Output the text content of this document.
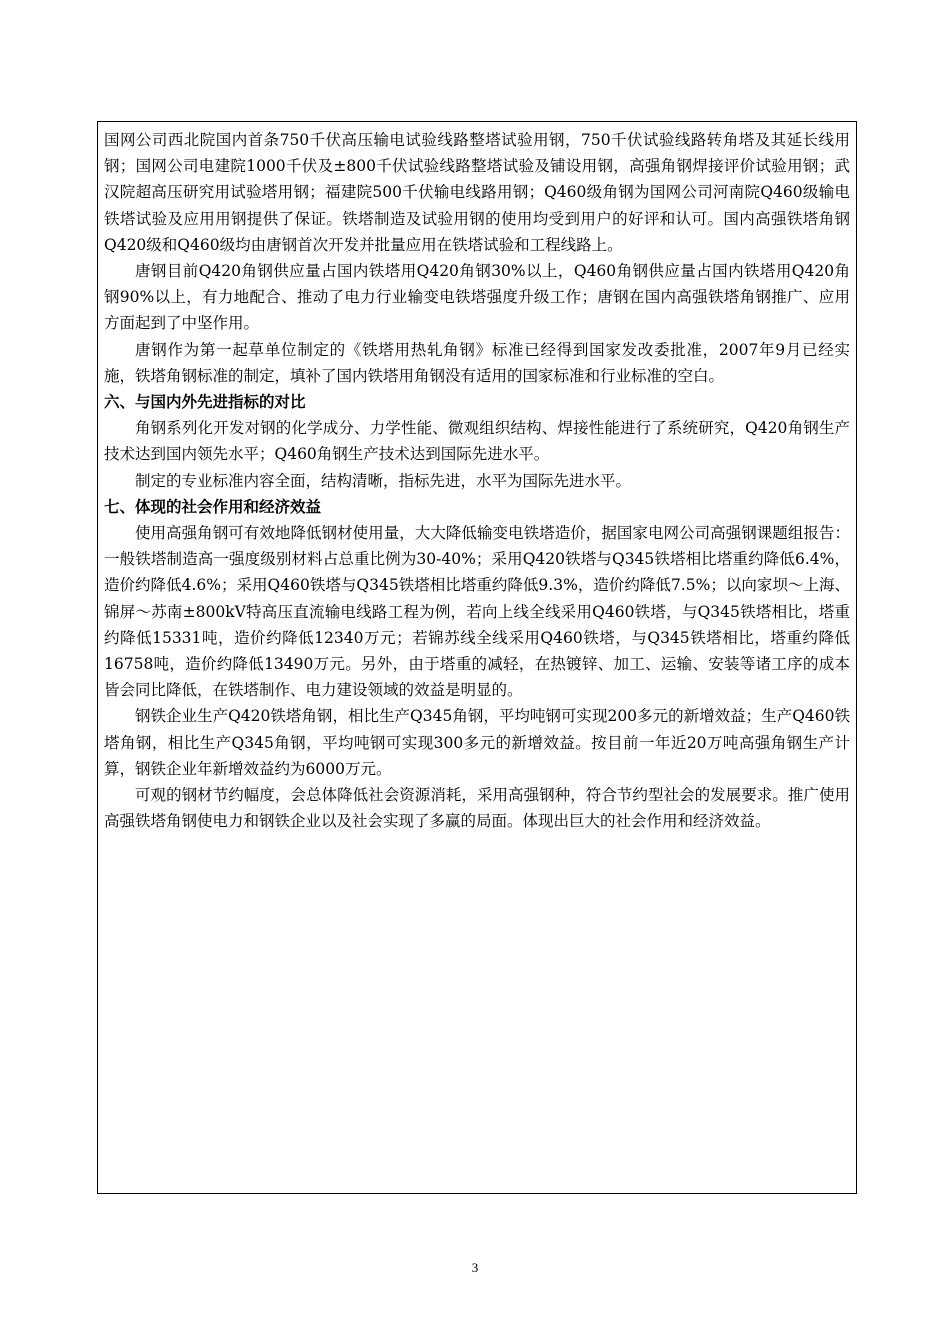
国网公司西北院国内首条750千伏高压输电试验线路整塔试验用钢，750千伏试验线路转角塔及其延长线用钢；国网公司电建院1000千伏及±800千伏试验线路整塔试验及铺设用钢，高强角钢焊接评价试验用钢；武汉院超高压研究用试验塔用钢；福建院500千伏输电线路用钢；Q460级角钢为国网公司河南院Q460级输电铁塔试验及应用用钢提供了保证。铁塔制造及试验用钢的使用均受到用户的好评和认可。国内高强铁塔角钢Q420级和Q460级均由唐钢首次开发并批量应用在铁塔试验和工程线路上。

唐钢目前Q420角钢供应量占国内铁塔用Q420角钢30%以上，Q460角钢供应量占国内铁塔用Q420角钢90%以上，有力地配合、推动了电力行业输变电铁塔强度升级工作；唐钢在国内高强铁塔角钢推广、应用方面起到了中坚作用。

唐钢作为第一起草单位制定的《铁塔用热轧角钢》标准已经得到国家发改委批准，2007年9月已经实施，铁塔角钢标准的制定，填补了国内铁塔用角钢没有适用的国家标准和行业标准的空白。

六、与国内外先进指标的对比

角钢系列化开发对钢的化学成分、力学性能、微观组织结构、焊接性能进行了系统研究，Q420角钢生产技术达到国内领先水平；Q460角钢生产技术达到国际先进水平。

制定的专业标准内容全面，结构清晰，指标先进，水平为国际先进水平。

七、体现的社会作用和经济效益

使用高强角钢可有效地降低钢材使用量，大大降低输变电铁塔造价，据国家电网公司高强钢课题组报告：一般铁塔制造高一强度级别材料占总重比例为30-40%；采用Q420铁塔与Q345铁塔相比塔重约降低6.4%，造价约降低4.6%；采用Q460铁塔与Q345铁塔相比塔重约降低9.3%，造价约降低7.5%；以向家坝～上海、锦屏～苏南±800kV特高压直流输电线路工程为例，若向上线全线采用Q460铁塔，与Q345铁塔相比，塔重约降低15331吨，造价约降低12340万元；若锦苏线全线采用Q460铁塔，与Q345铁塔相比，塔重约降低16758吨，造价约降低13490万元。另外，由于塔重的减轻，在热镀锌、加工、运输、安装等诸工序的成本皆会同比降低，在铁塔制作、电力建设领域的效益是明显的。

钢铁企业生产Q420铁塔角钢，相比生产Q345角钢，平均吨钢可实现200多元的新增效益；生产Q460铁塔角钢，相比生产Q345角钢，平均吨钢可实现300多元的新增效益。按目前一年近20万吨高强角钢生产计算，钢铁企业年新增效益约为6000万元。

可观的钢材节约幅度，会总体降低社会资源消耗，采用高强钢种，符合节约型社会的发展要求。推广使用高强铁塔角钢使电力和钢铁企业以及社会实现了多赢的局面。体现出巨大的社会作用和经济效益。

3
